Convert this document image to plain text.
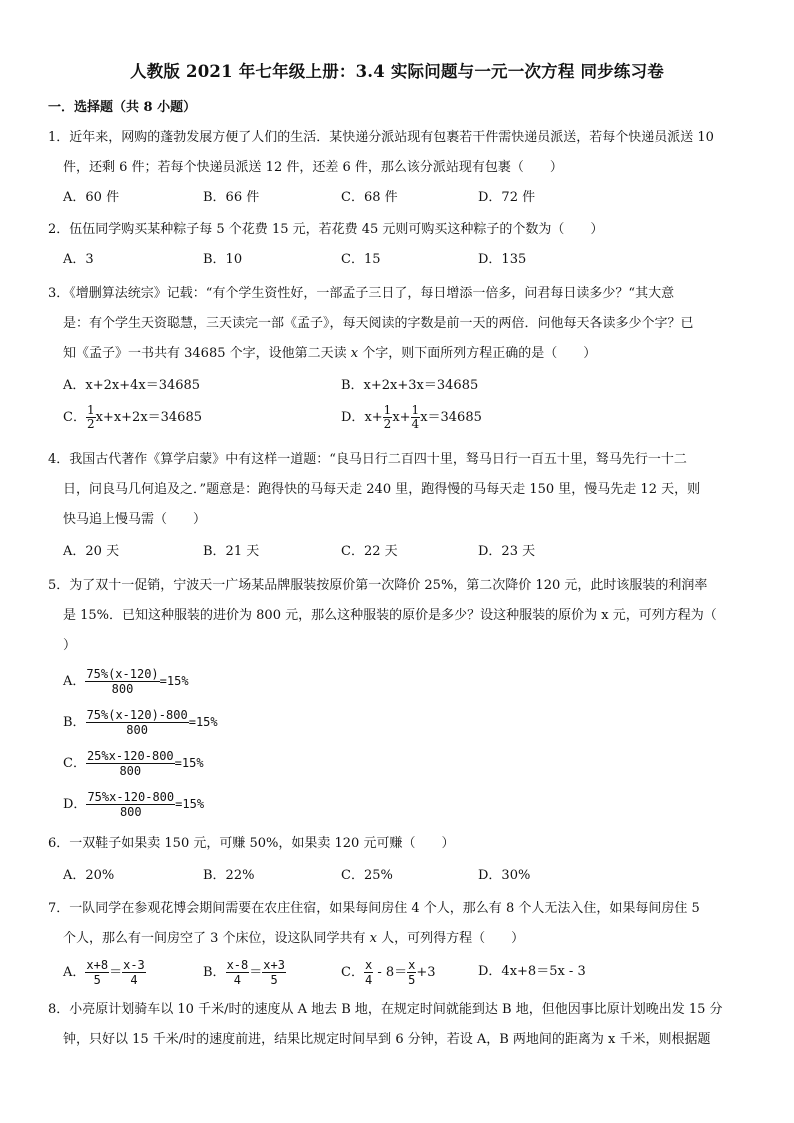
人教版 2021 年七年级上册：3.4 实际问题与一元一次方程 同步练习卷
一．选择题（共 8 小题）
1．近年来，网购的蓬勃发展方便了人们的生活．某快递分派站现有包裹若干件需快递员派送，若每个快递员派送 10
件，还剩 6 件；若每个快递员派送 12 件，还差 6 件，那么该分派站现有包裹（　　）
A．60 件	B．66 件	C．68 件	D．72 件
2．伍伍同学购买某种粽子每 5 个花费 15 元，若花费 45 元则可购买这种粽子的个数为（　　）
A．3	B．10	C．15	D．135
3．《增删算法统宗》记载：“有个学生资性好，一部孟子三日了，每日增添一倍多，问君每日读多少？“其大意
是：有个学生天资聪慧，三天读完一部《孟子》，每天阅读的字数是前一天的两倍．问他每天各读多少个字？已
知《孟子》一书共有 34685 个字，设他第二天读 x 个字，则下面所列方程正确的是（　　）
A．x+2x+4x＝34685	B．x+2x+3x＝34685
C． $\frac{1}{2} x+x+2x=34685$	D．$x+ \frac{1}{2} x+ \frac{1}{4} x=34685$
4．我国古代著作《算学启蒙》中有这样一道题：“良马日行二百四十里，驽马日行一百五十里，驽马先行一十二
日，问良马几何追及之．”题意是：跑得快的马每天走 240 里，跑得慢的马每天走 150 里，慢马先走 12 天，则
快马追上慢马需（　　）
A．20 天	B．21 天	C．22 天	D．23 天
5．为了双十一促销，宁波天一广场某品牌服装按原价第一次降价 25%，第二次降价 120 元，此时该服装的利润率
是 15%．已知这种服装的进价为 800 元，那么这种服装的原价是多少？设这种服装的原价为 x 元，可列方程为（
）
A． $\frac{75\%(x-120)}{800} =15\%$
B． $\frac{75\%(x-120)-800}{800} =15\%$
C． $\frac{25\%x-120-800}{800} =15\%$
D． $\frac{75\%x-120-800}{800} =15\%$
6．一双鞋子如果卖 150 元，可赚 50%，如果卖 120 元可赚（　　）
A．20%	B．22%	C．25%	D．30%
7．一队同学在参观花博会期间需要在农庄住宿，如果每间房住 4 个人，那么有 8 个人无法入住，如果每间房住 5
个人，那么有一间房空了 3 个床位，设这队同学共有 x 人，可列得方程（　　）
A． $\frac{x+8}{5} = \frac{x-3}{4}$	B． $\frac{x-8}{4} = \frac{x+3}{5}$	C． $\frac{x}{4} - 8= \frac{x}{5} +3$	D．4x+8＝5x - 3
8．小亮原计划骑车以 10 千米/时的速度从 A 地去 B 地，在规定时间就能到达 B 地，但他因事比原计划晚出发 15 分
钟，只好以 15 千米/时的速度前进，结果比规定时间早到 6 分钟，若设 A，B 两地间的距离为 x 千米，则根据题
